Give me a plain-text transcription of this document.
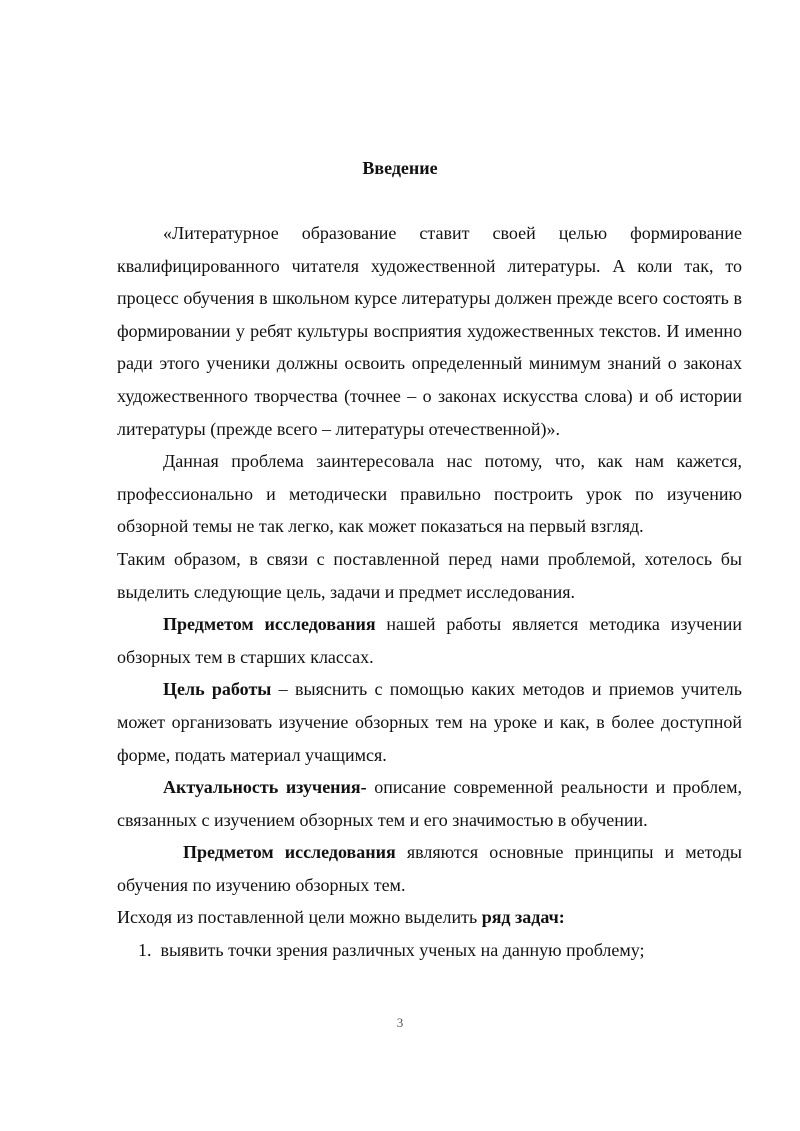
Введение

«Литературное образование ставит своей целью формирование квалифицированного читателя художественной литературы. А коли так, то процесс обучения в школьном курсе литературы должен прежде всего состоять в формировании у ребят культуры восприятия художественных текстов. И именно ради этого ученики должны освоить определенный минимум знаний о законах художественного творчества (точнее – о законах искусства слова) и об истории литературы (прежде всего – литературы отечественной)».

Данная проблема заинтересовала нас потому, что, как нам кажется, профессионально и методически правильно построить урок по изучению обзорной темы не так легко, как может показаться на первый взгляд.

Таким образом, в связи с поставленной перед нами проблемой, хотелось бы выделить следующие цель, задачи и предмет исследования.

Предметом исследования нашей работы является методика изучении обзорных тем в старших классах.

Цель работы – выяснить с помощью каких методов и приемов учитель может организовать изучение обзорных тем на уроке и как, в более доступной форме, подать материал учащимся.

Актуальность изучения- описание современной реальности и проблем, связанных с изучением обзорных тем и его значимостью в обучении.

Предметом исследования являются основные принципы и методы обучения по изучению обзорных тем.

Исходя из поставленной цели можно выделить ряд задач:

1. выявить точки зрения различных ученых на данную проблему;

3
